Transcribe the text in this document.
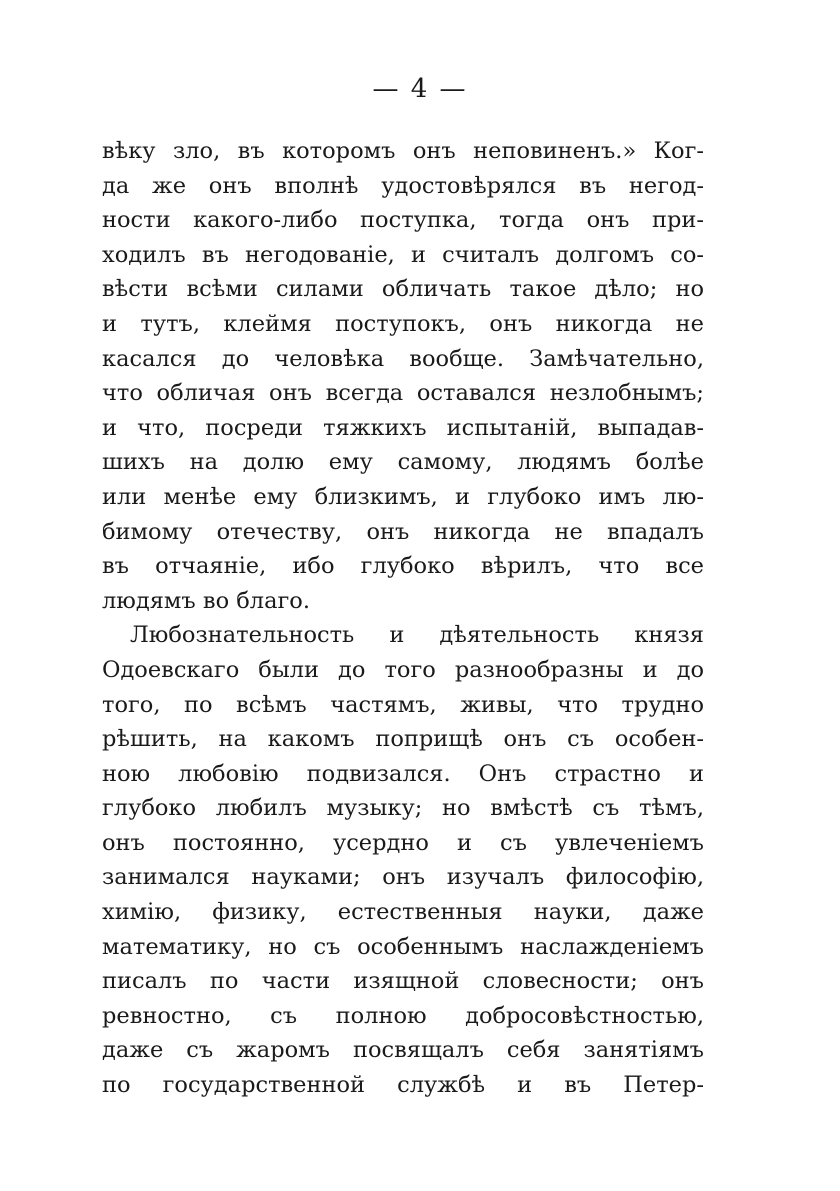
— 4 —
вѣку зло, въ которомъ онъ неповиненъ.» Ког-
да же онъ вполнѣ удостовѣрялся въ негод-
ности какого-либо поступка, тогда онъ при-
ходилъ въ негодованіе, и считалъ долгомъ со-
вѣсти всѣми силами обличать такое дѣло; но
и тутъ, клеймя поступокъ, онъ никогда не
касался до человѣка вообще. Замѣчательно,
что обличая онъ всегда оставался незлобнымъ;
и что, посреди тяжкихъ испытаній, выпадав-
шихъ на долю ему самому, людямъ болѣе
или менѣе ему близкимъ, и глубоко имъ лю-
бимому отечеству, онъ никогда не впадалъ
въ отчаяніе, ибо глубоко вѣрилъ, что все
людямъ во благо.
Любознательность и дѣятельность князя
Одоевскаго были до того разнообразны и до
того, по всѣмъ частямъ, живы, что трудно
рѣшить, на какомъ поприщѣ онъ съ особен-
ною любовію подвизался. Онъ страстно и
глубоко любилъ музыку; но вмѣстѣ съ тѣмъ,
онъ постоянно, усердно и съ увлеченіемъ
занимался науками; онъ изучалъ философію,
химію, физику, естественныя науки, даже
математику, но съ особеннымъ наслажденіемъ
писалъ по части изящной словесности; онъ
ревностно, съ полною добросовѣстностью,
даже съ жаромъ посвящалъ себя занятіямъ
по государственной службѣ и въ Петер-
